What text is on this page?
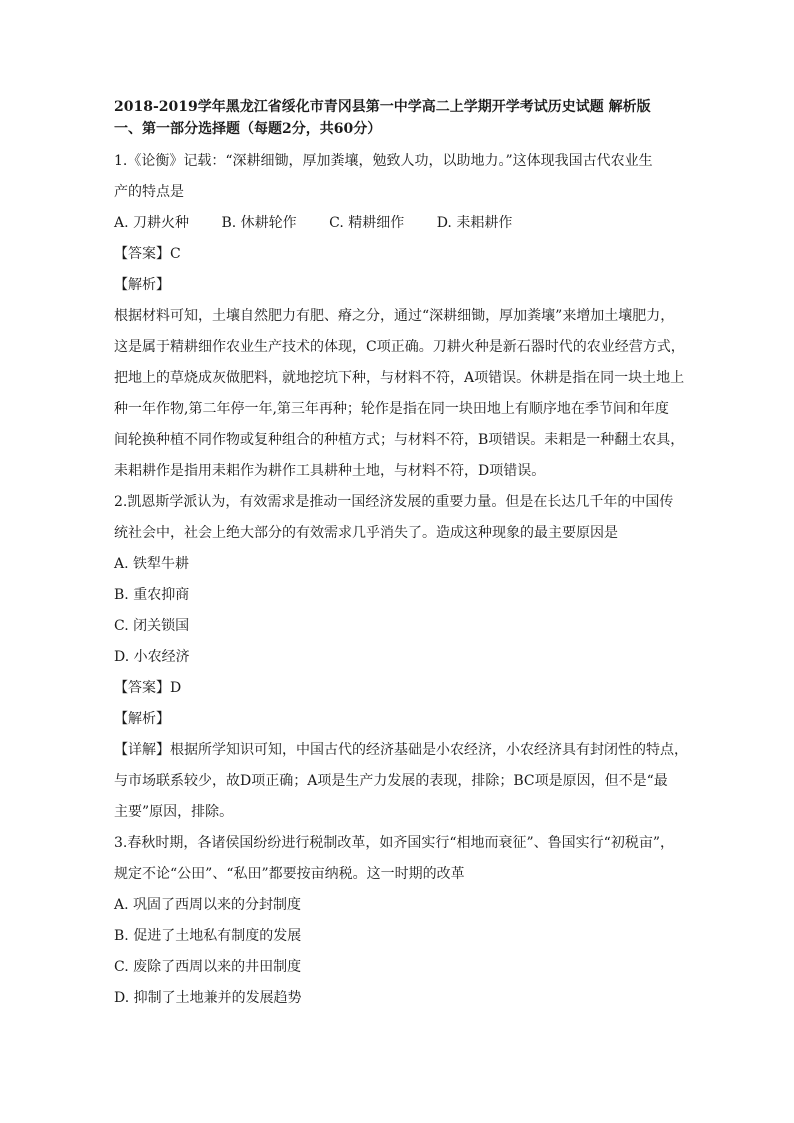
2018-2019学年黑龙江省绥化市青冈县第一中学高二上学期开学考试历史试题 解析版

一、第一部分选择题（每题2分，共60分）

1.《论衡》记载：“深耕细锄，厚加粪壤，勉致人功，以助地力。”这体现我国古代农业生
产的特点是

A. 刀耕火种 B. 休耕轮作 C. 精耕细作 D. 耒耜耕作
【答案】C
【解析】

根据材料可知，土壤自然肥力有肥、瘠之分，通过“深耕细锄，厚加粪壤”来增加土壤肥力，
这是属于精耕细作农业生产技术的体现，C项正确。刀耕火种是新石器时代的农业经营方式，
把地上的草烧成灰做肥料，就地挖坑下种，与材料不符，A项错误。休耕是指在同一块土地上
种一年作物,第二年停一年,第三年再种；轮作是指在同一块田地上有顺序地在季节间和年度
间轮换种植不同作物或复种组合的种植方式；与材料不符，B项错误。耒耜是一种翻土农具，
耒耜耕作是指用耒耜作为耕作工具耕种土地，与材料不符，D项错误。

2.凯恩斯学派认为，有效需求是推动一国经济发展的重要力量。但是在长达几千年的中国传
统社会中，社会上绝大部分的有效需求几乎消失了。造成这种现象的最主要原因是

A. 铁犁牛耕
B. 重农抑商
C. 闭关锁国
D. 小农经济
【答案】D
【解析】

【详解】根据所学知识可知，中国古代的经济基础是小农经济，小农经济具有封闭性的特点，
与市场联系较少，故D项正确；A项是生产力发展的表现，排除；BC项是原因，但不是“最
主要”原因，排除。

3.春秋时期，各诸侯国纷纷进行税制改革，如齐国实行“相地而衰征”、鲁国实行“初税亩”，
规定不论“公田”、“私田”都要按亩纳税。这一时期的改革

A. 巩固了西周以来的分封制度
B. 促进了土地私有制度的发展
C. 废除了西周以来的井田制度
D. 抑制了土地兼并的发展趋势
